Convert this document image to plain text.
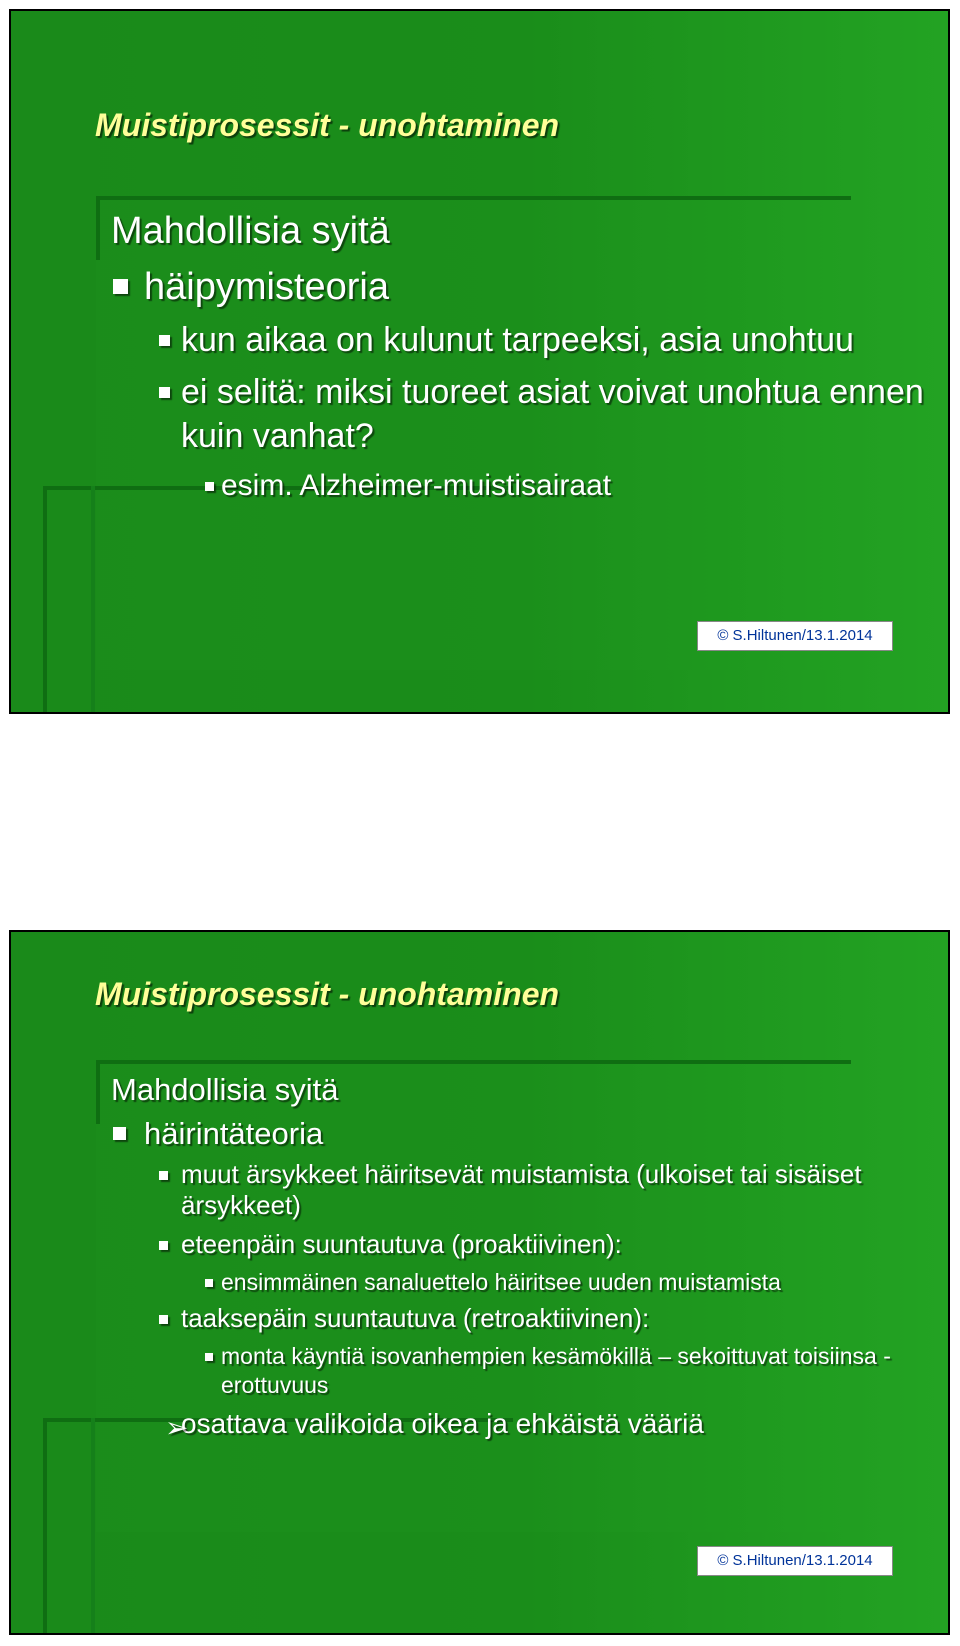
Muistiprosessit - unohtaminen
Mahdollisia syitä
häipymisteoria
kun aikaa on kulunut tarpeeksi, asia unohtuu
ei selitä: miksi tuoreet asiat voivat unohtua ennen kuin vanhat?
esim. Alzheimer-muistisairaat
© S.Hiltunen/13.1.2014
Muistiprosessit - unohtaminen
Mahdollisia syitä
häirintäteoria
muut ärsykkeet häiritsevät muistamista (ulkoiset tai sisäiset ärsykkeet)
eteenpäin suuntautuva (proaktiivinen):
ensimmäinen sanaluettelo häiritsee uuden muistamista
taaksepäin suuntautuva (retroaktiivinen):
monta käyntiä isovanhempien kesämökillä – sekoittuvat toisiinsa - erottuvuus
➢
osattava valikoida oikea ja ehkäistä vääriä
© S.Hiltunen/13.1.2014
